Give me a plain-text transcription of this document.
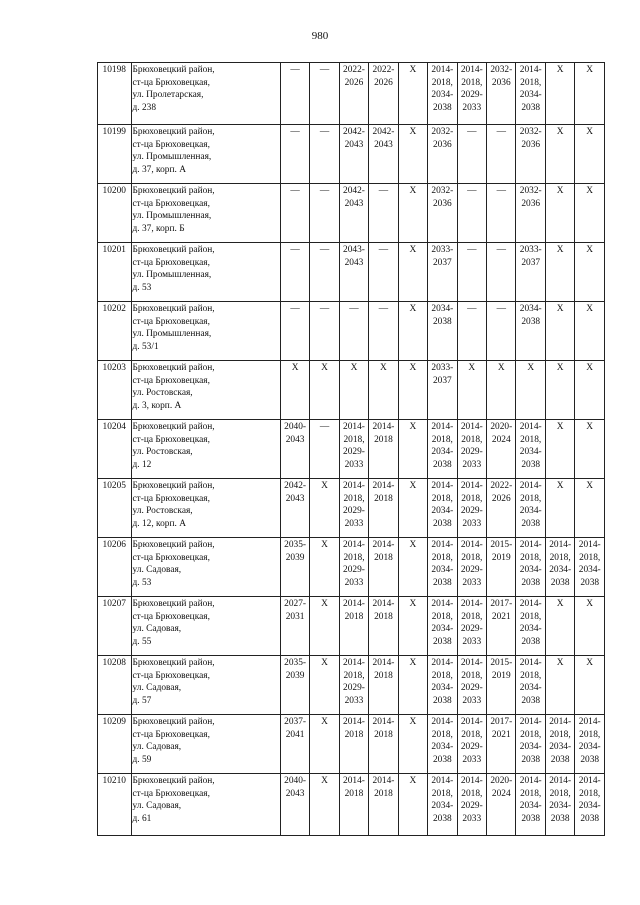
980
10198	Брюховецкий район,
ст-ца Брюховецкая,
ул. Пролетарская,
д. 238	—	—	2022-
2026	2022-
2026	X	2014-
2018,
2034-
2038	2014-
2018,
2029-
2033	2032-
2036	2014-
2018,
2034-
2038	X	X
10199	Брюховецкий район,
ст-ца Брюховецкая,
ул. Промышленная,
д. 37, корп. А	—	—	2042-
2043	2042-
2043	X	2032-
2036	—	—	2032-
2036	X	X
10200	Брюховецкий район,
ст-ца Брюховецкая,
ул. Промышленная,
д. 37, корп. Б	—	—	2042-
2043	—	X	2032-
2036	—	—	2032-
2036	X	X
10201	Брюховецкий район,
ст-ца Брюховецкая,
ул. Промышленная,
д. 53	—	—	2043-
2043	—	X	2033-
2037	—	—	2033-
2037	X	X
10202	Брюховецкий район,
ст-ца Брюховецкая,
ул. Промышленная,
д. 53/1	—	—	—	—	X	2034-
2038	—	—	2034-
2038	X	X
10203	Брюховецкий район,
ст-ца Брюховецкая,
ул. Ростовская,
д. 3, корп. А	X	X	X	X	X	2033-
2037	X	X	X	X	X
10204	Брюховецкий район,
ст-ца Брюховецкая,
ул. Ростовская,
д. 12	2040-
2043	—	2014-
2018,
2029-
2033	2014-
2018	X	2014-
2018,
2034-
2038	2014-
2018,
2029-
2033	2020-
2024	2014-
2018,
2034-
2038	X	X
10205	Брюховецкий район,
ст-ца Брюховецкая,
ул. Ростовская,
д. 12, корп. А	2042-
2043	X	2014-
2018,
2029-
2033	2014-
2018	X	2014-
2018,
2034-
2038	2014-
2018,
2029-
2033	2022-
2026	2014-
2018,
2034-
2038	X	X
10206	Брюховецкий район,
ст-ца Брюховецкая,
ул. Садовая,
д. 53	2035-
2039	X	2014-
2018,
2029-
2033	2014-
2018	X	2014-
2018,
2034-
2038	2014-
2018,
2029-
2033	2015-
2019	2014-
2018,
2034-
2038	2014-
2018,
2034-
2038	2014-
2018,
2034-
2038
10207	Брюховецкий район,
ст-ца Брюховецкая,
ул. Садовая,
д. 55	2027-
2031	X	2014-
2018	2014-
2018	X	2014-
2018,
2034-
2038	2014-
2018,
2029-
2033	2017-
2021	2014-
2018,
2034-
2038	X	X
10208	Брюховецкий район,
ст-ца Брюховецкая,
ул. Садовая,
д. 57	2035-
2039	X	2014-
2018,
2029-
2033	2014-
2018	X	2014-
2018,
2034-
2038	2014-
2018,
2029-
2033	2015-
2019	2014-
2018,
2034-
2038	X	X
10209	Брюховецкий район,
ст-ца Брюховецкая,
ул. Садовая,
д. 59	2037-
2041	X	2014-
2018	2014-
2018	X	2014-
2018,
2034-
2038	2014-
2018,
2029-
2033	2017-
2021	2014-
2018,
2034-
2038	2014-
2018,
2034-
2038	2014-
2018,
2034-
2038
10210	Брюховецкий район,
ст-ца Брюховецкая,
ул. Садовая,
д. 61	2040-
2043	X	2014-
2018	2014-
2018	X	2014-
2018,
2034-
2038	2014-
2018,
2029-
2033	2020-
2024	2014-
2018,
2034-
2038	2014-
2018,
2034-
2038	2014-
2018,
2034-
2038
